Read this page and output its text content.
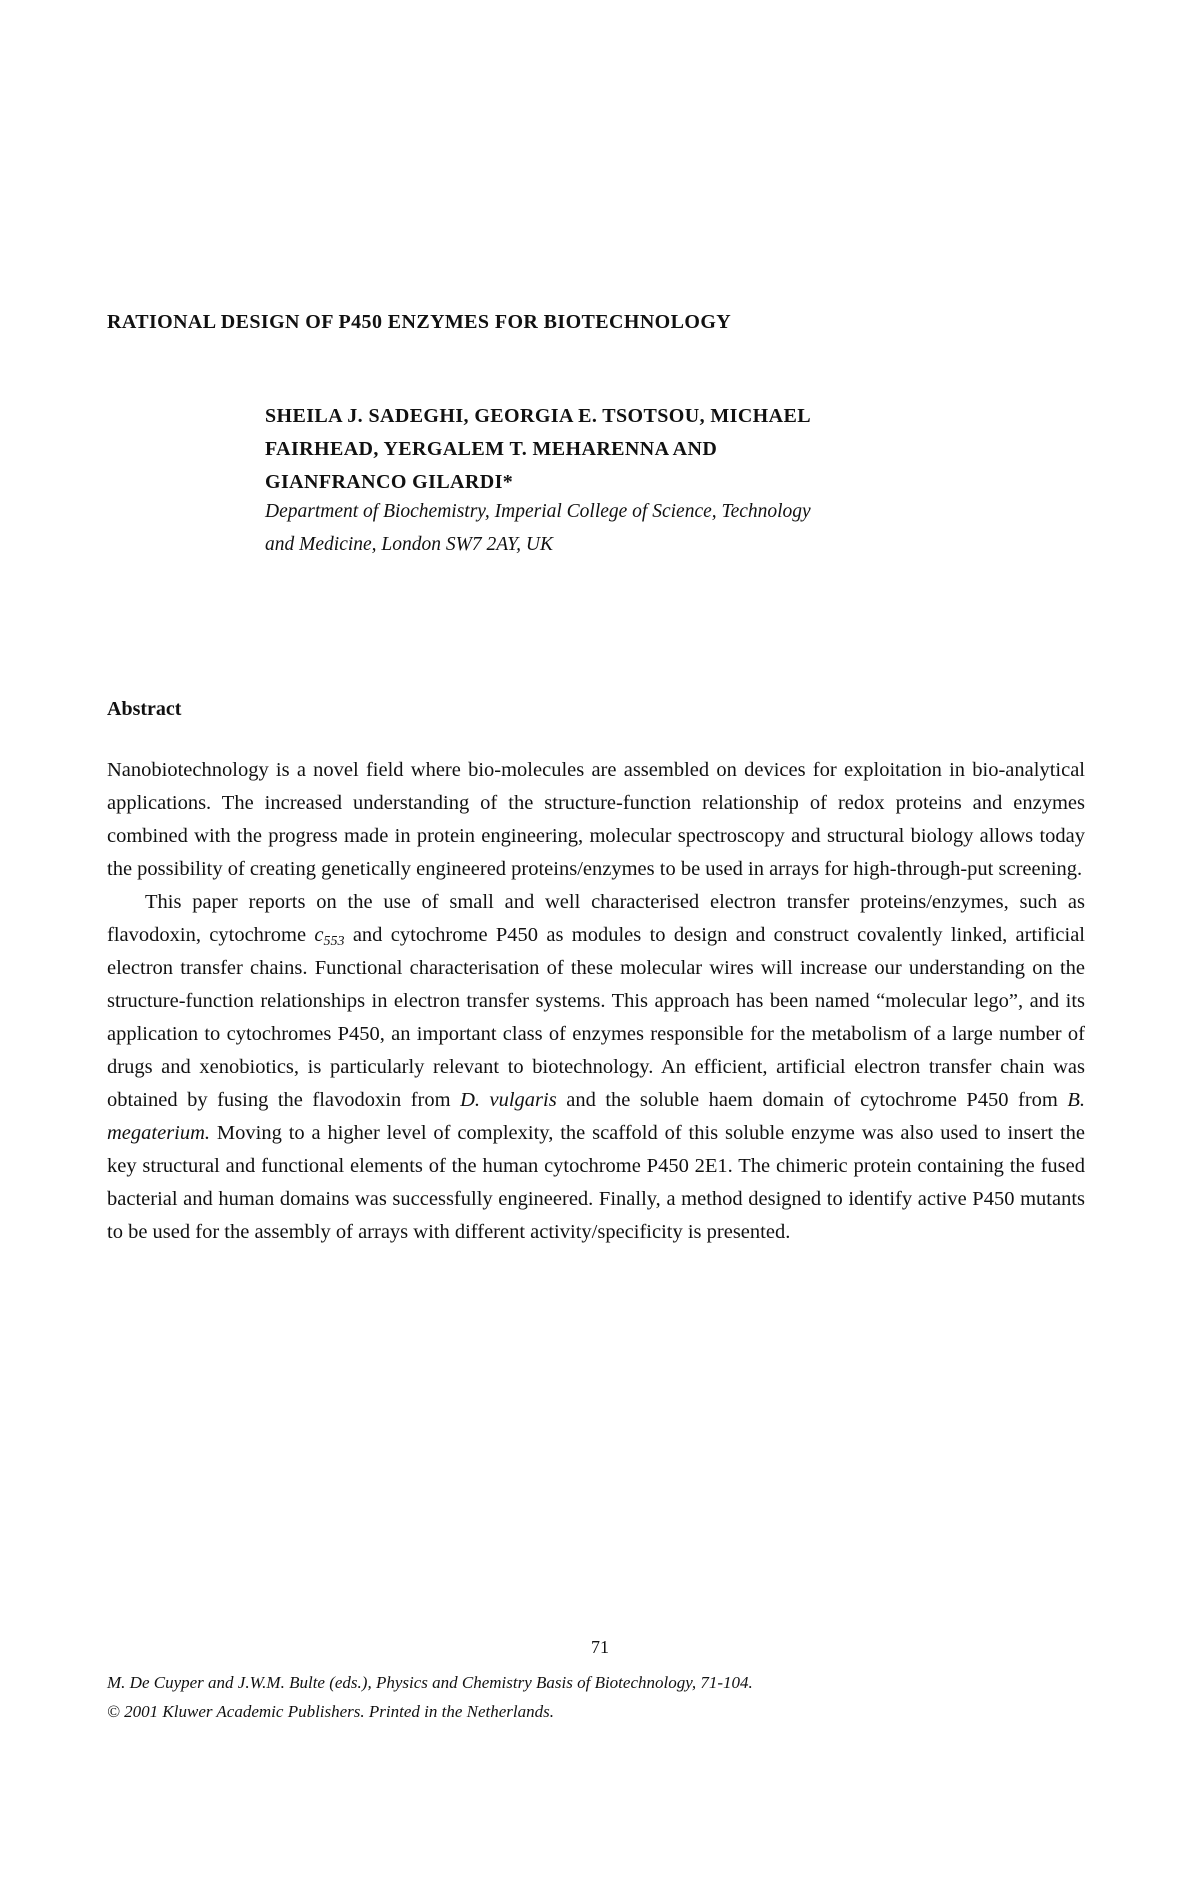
RATIONAL DESIGN OF P450 ENZYMES FOR BIOTECHNOLOGY
SHEILA J. SADEGHI, GEORGIA E. TSOTSOU, MICHAEL
FAIRHEAD, YERGALEM T. MEHARENNA AND
GIANFRANCO GILARDI*
Department of Biochemistry, Imperial College of Science, Technology
and Medicine, London SW7 2AY, UK
Abstract

Nanobiotechnology is a novel field where bio-molecules are assembled on devices for exploitation in bio-analytical applications. The increased understanding of the structure-function relationship of redox proteins and enzymes combined with the progress made in protein engineering, molecular spectroscopy and structural biology allows today the possibility of creating genetically engineered proteins/enzymes to be used in arrays for high-through-put screening.

This paper reports on the use of small and well characterised electron transfer proteins/enzymes, such as flavodoxin, cytochrome $c_{553}$ and cytochrome P450 as modules to design and construct covalently linked, artificial electron transfer chains. Functional characterisation of these molecular wires will increase our understanding on the structure-function relationships in electron transfer systems. This approach has been named “molecular lego”, and its application to cytochromes P450, an important class of enzymes responsible for the metabolism of a large number of drugs and xenobiotics, is particularly relevant to biotechnology. An efficient, artificial electron transfer chain was obtained by fusing the flavodoxin from D. vulgaris and the soluble haem domain of cytochrome P450 from B. megaterium. Moving to a higher level of complexity, the scaffold of this soluble enzyme was also used to insert the key structural and functional elements of the human cytochrome P450 2E1. The chimeric protein containing the fused bacterial and human domains was successfully engineered. Finally, a method designed to identify active P450 mutants to be used for the assembly of arrays with different activity/specificity is presented.

71
M. De Cuyper and J.W.M. Bulte (eds.), Physics and Chemistry Basis of Biotechnology, 71-104.
© 2001 Kluwer Academic Publishers. Printed in the Netherlands.
